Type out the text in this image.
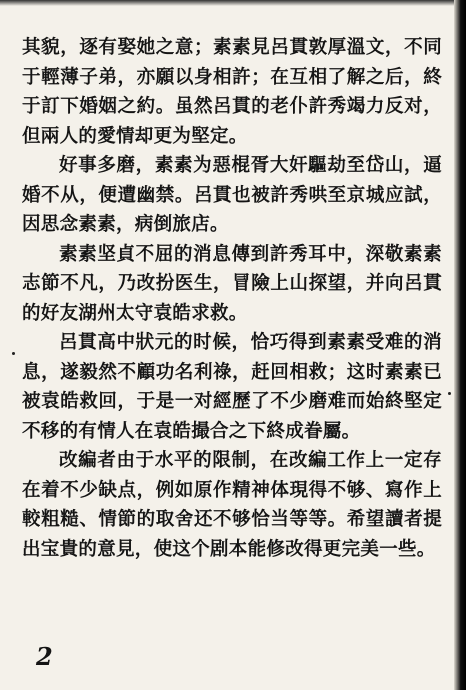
其貌，逐有娶她之意；素素見呂貫敦厚溫文，不同于輕薄子弟，亦願以身相許；在互相了解之后，終于訂下婚姻之約。虽然呂貫的老仆許秀竭力反对，但兩人的愛情却更为堅定。

好事多磨，素素为惡棍胥大奸驅劫至岱山，逼婚不从，便遭幽禁。呂貫也被許秀哄至京城应試，因思念素素，病倒旅店。

素素坚貞不屈的消息傳到許秀耳中，深敬素素志節不凡，乃改扮医生，冒險上山探望，并向呂貫的好友湖州太守袁皓求救。

呂貫高中狀元的时候，恰巧得到素素受难的消息，遂毅然不顧功名利祿，赶回相救；这时素素已被袁皓救回，于是一对經歷了不少磨难而始終堅定不移的有情人在袁皓撮合之下終成眷屬。

改編者由于水平的限制，在改編工作上一定存在着不少缺点，例如原作精神体現得不够、寫作上較粗糙、情節的取舍还不够恰当等等。希望讀者提出宝貴的意見，使这个剧本能修改得更完美一些。

2
